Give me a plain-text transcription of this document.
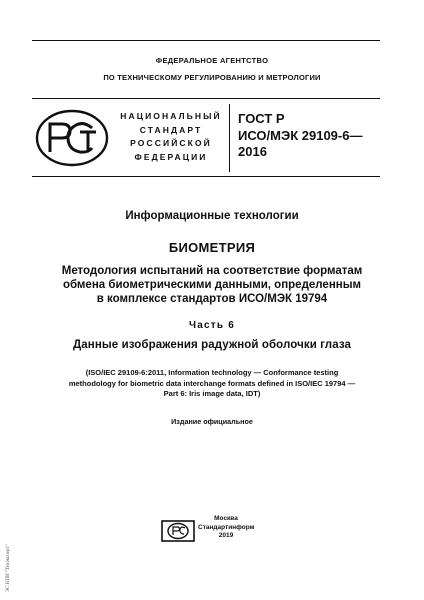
ФЕДЕРАЛЬНОЕ АГЕНТСТВО
ПО ТЕХНИЧЕСКОМУ РЕГУЛИРОВАНИЮ И МЕТРОЛОГИИ
НАЦИОНАЛЬНЫЙ
СТАНДАРТ
РОССИЙСКОЙ
ФЕДЕРАЦИИ
ГОСТ Р
ИСО/МЭК 29109-6—
2016
Информационные технологии
БИОМЕТРИЯ
Методология испытаний на соответствие форматам
обмена биометрическими данными, определенным
в комплексе стандартов ИСО/МЭК 19794
Часть 6
Данные изображения радужной оболочки глаза
(ISO/IEC 29109-6:2011, Information technology — Conformance testing
methodology for biometric data interchange formats defined in ISO/IEC 19794 —
Part 6: Iris image data, IDT)
Издание официальное
Москва
Стандартинформ
2019
ЭС НПИ "Техэксперт"
